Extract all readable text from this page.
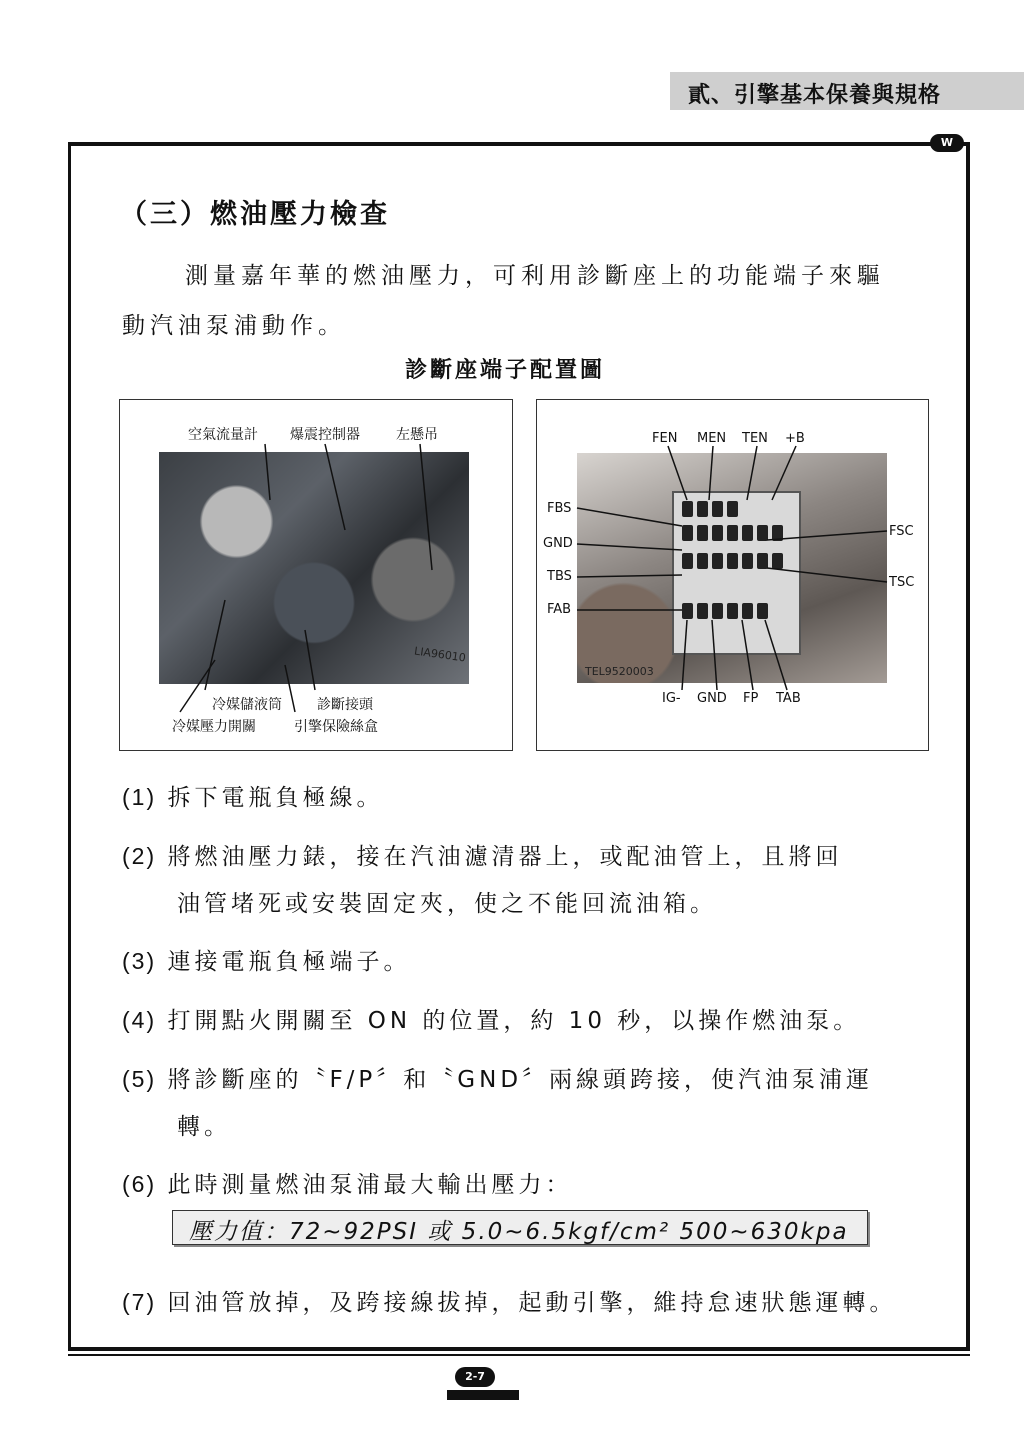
貳、引擎基本保養與規格
W
（三）燃油壓力檢查
測量嘉年華的燃油壓力，可利用診斷座上的功能端子來驅
動汽油泵浦動作。
診斷座端子配置圖
LIA96010
空氣流量計 爆震控制器	左懸吊
冷媒儲液筒	診斷接頭
冷媒壓力開關	引擎保險絲盒
TEL9520003
FEN MEN TEN +B
FBS
GND
TBS
FAB
FSC
TSC
IG- GND FP TAB
(1) 拆下電瓶負極線。
(2) 將燃油壓力錶，接在汽油濾清器上，或配油管上，且將回
油管堵死或安裝固定夾，使之不能回流油箱。
(3) 連接電瓶負極端子。
(4) 打開點火開關至 ON 的位置，約 10 秒，以操作燃油泵。
(5) 將診斷座的〝F/P〞和〝GND〞兩線頭跨接，使汽油泵浦運
轉。
(6) 此時測量燃油泵浦最大輸出壓力：
壓力值：72~92PSI 或 5.0~6.5kgf/cm² 500~630kpa
(7) 回油管放掉，及跨接線拔掉，起動引擎，維持怠速狀態運轉。
2-7
